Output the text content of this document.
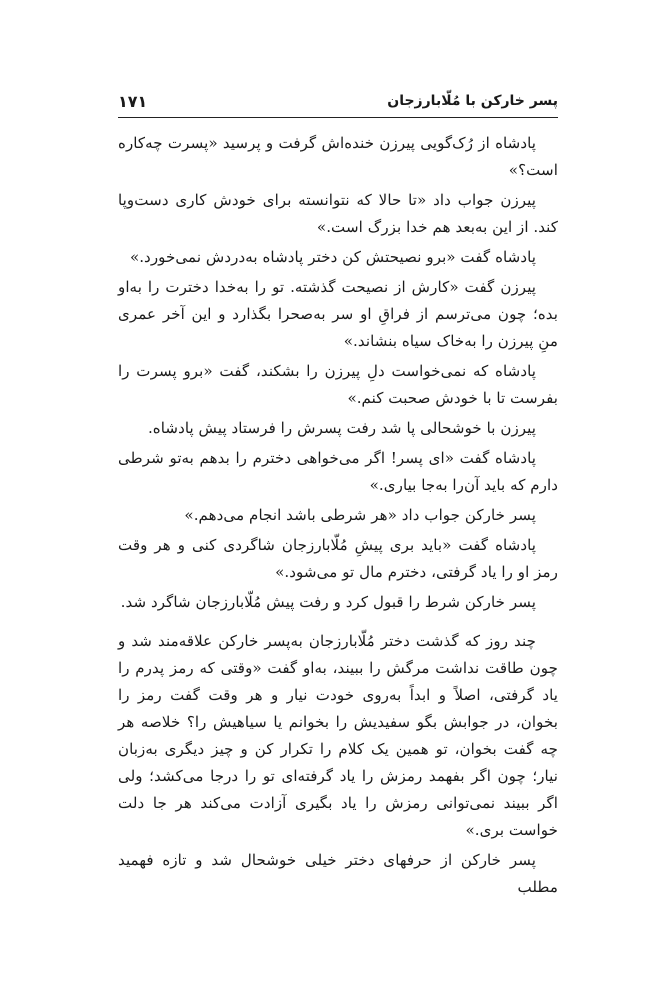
۱۷۱	پسر خارکن با مُلّابارزجان

پادشاه از رُک‌گویی پیرزن خنده‌اش گرفت و پرسید «پسرت چه‌کاره است؟»

پیرزن جواب داد «تا حالا که نتوانسته برای خودش کاری دست‌وپا کند. از این به‌بعد هم خدا بزرگ است.»

پادشاه گفت «برو نصیحتش کن دختر پادشاه به‌دردش نمی‌خورد.»

پیرزن گفت «کارش از نصیحت گذشته. تو را به‌خدا دخترت را به‌او بده؛ چون می‌ترسم از فراقِ او سر به‌صحرا بگذارد و این آخر عمری منِ پیرزن را به‌خاک سیاه بنشاند.»

پادشاه که نمی‌خواست دلِ پیرزن را بشکند، گفت «برو پسرت را بفرست تا با خودش صحبت کنم.»

پیرزن با خوشحالی پا شد رفت پسرش را فرستاد پیش پادشاه.

پادشاه گفت «ای پسر! اگر می‌خواهی دخترم را بدهم به‌تو شرطی دارم که باید آن‌را به‌جا بیاری.»

پسر خارکن جواب داد «هر شرطی باشد انجام می‌دهم.»

پادشاه گفت «باید بری پیشِ مُلّابارزجان شاگردی کنی و هر وقت رمز او را یاد گرفتی، دخترم مال تو می‌شود.»

پسر خارکن شرط را قبول کرد و رفت پیش مُلّابارزجان شاگرد شد.

چند روز که گذشت دختر مُلّابارزجان به‌پسر خارکن علاقه‌مند شد و چون طاقت نداشت مرگش را ببیند، به‌او گفت «وقتی که رمز پدرم را یاد گرفتی، اصلاً و ابداً به‌روی خودت نیار و هر وقت گفت رمز را بخوان، در جوابش بگو سفیدیش را بخوانم یا سیاهیش را؟ خلاصه هر چه گفت بخوان، تو همین یک کلام را تکرار کن و چیز دیگری به‌زبان نیار؛ چون اگر بفهمد رمزش را یاد گرفته‌ای تو را درجا می‌کشد؛ ولی اگر ببیند نمی‌توانی رمزش را یاد بگیری آزادت می‌کند هر جا دلت خواست بری.»

پسر خارکن از حرفهای دختر خیلی خوشحال شد و تازه فهمید مطلب
